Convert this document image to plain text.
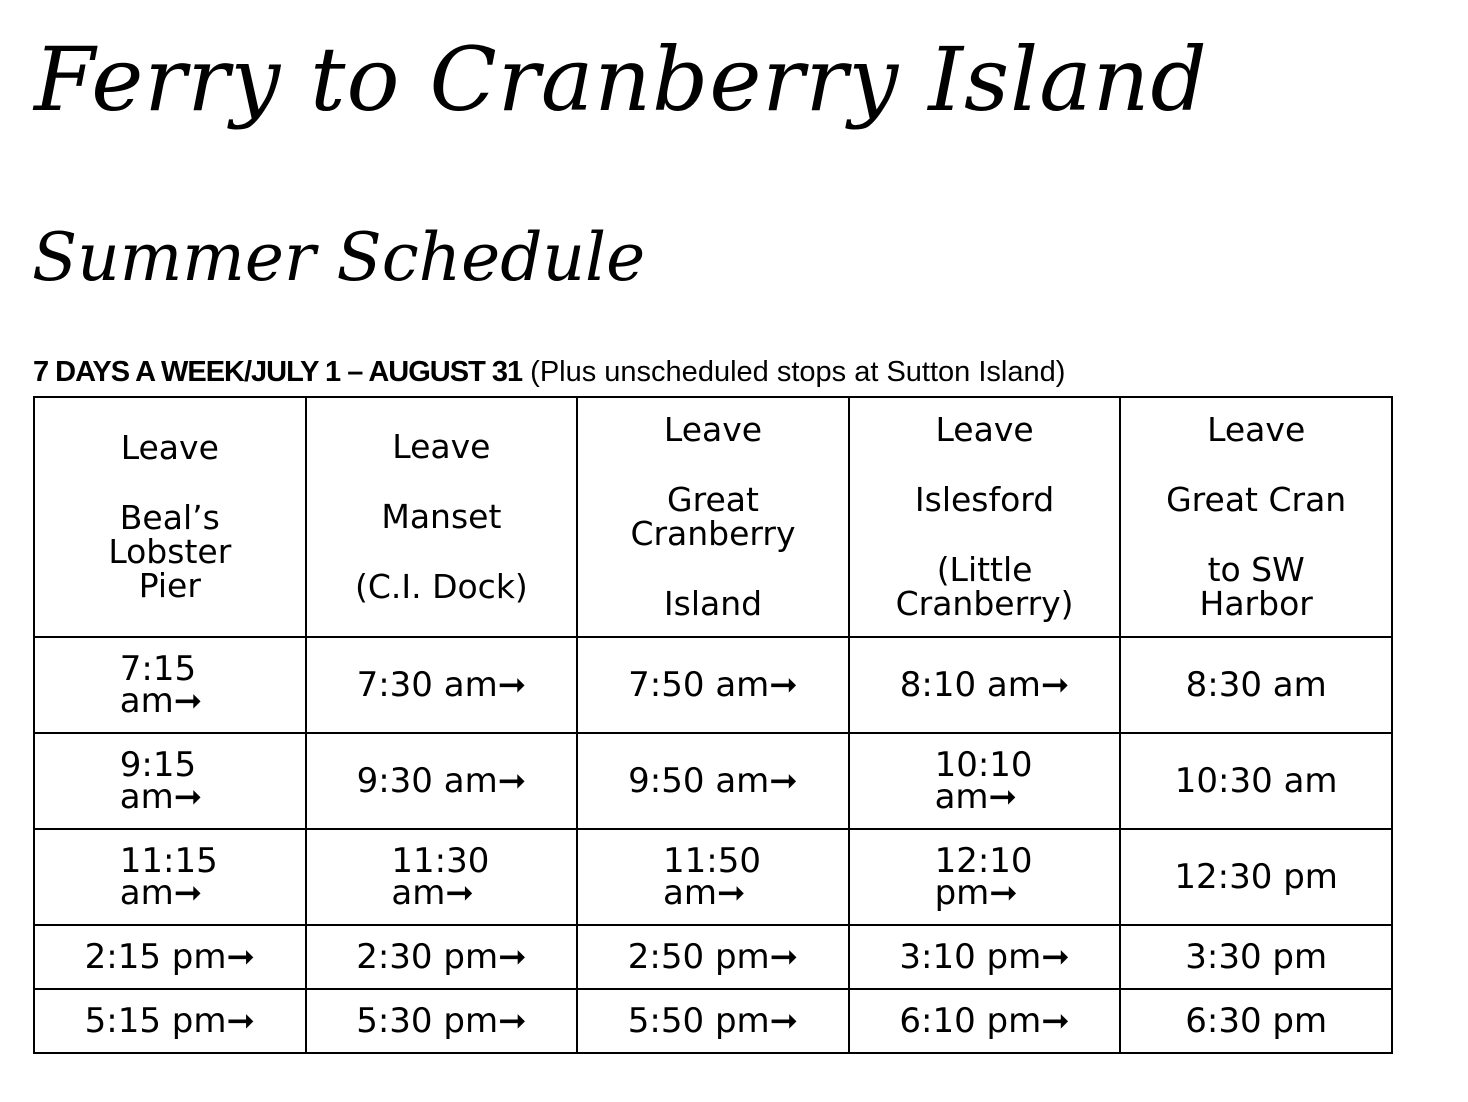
Ferry to Cranberry Island
Summer Schedule
7 DAYS A WEEK/JULY 1 – AUGUST 31 (Plus unscheduled stops at Sutton Island)
Leave
Beal’s
Lobster
Pier	Leave
Manset
(C.I. Dock)	Leave
Great
Cranberry
Island	Leave
Islesford
(Little
Cranberry)	Leave
Great Cran
to SW
Harbor

7:15 am➞	7:30 am➞	7:50 am➞	8:10 am➞	8:30 am
9:15 am➞	9:30 am➞	9:50 am➞	10:10 am➞	10:30 am
11:15 am➞	11:30 am➞	11:50 am➞	12:10 pm➞	12:30 pm
2:15 pm➞	2:30 pm➞	2:50 pm➞	3:10 pm➞	3:30 pm
5:15 pm➞	5:30 pm➞	5:50 pm➞	6:10 pm➞	6:30 pm
